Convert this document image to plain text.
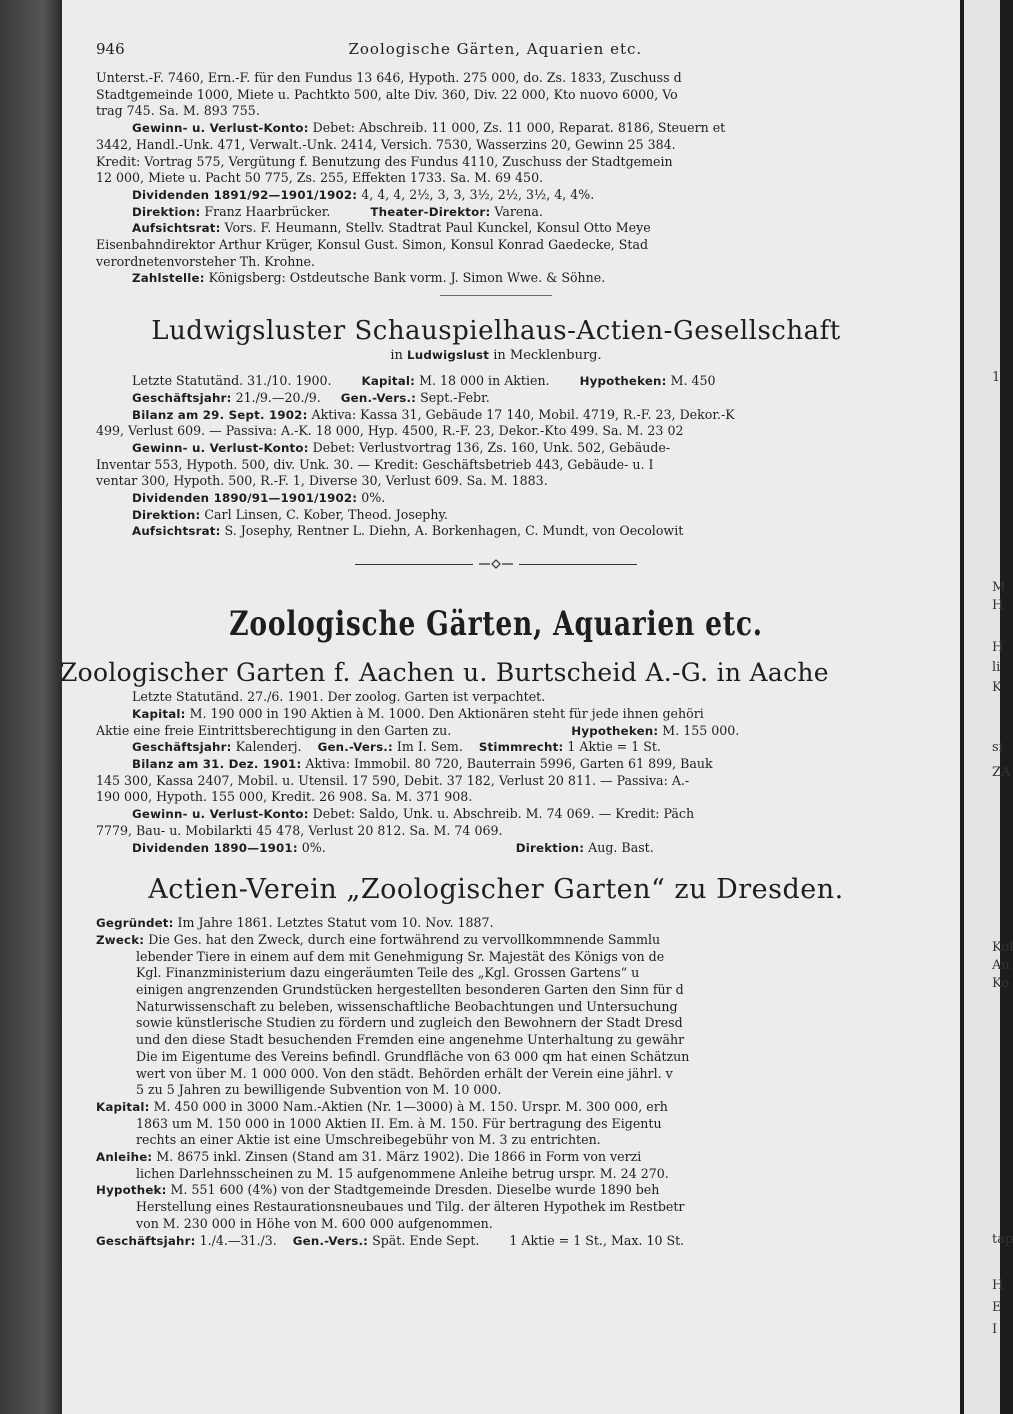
1
M
H
H
li
K
si
ZA
Kol
Au
Ko
tap
H
E
I
946	Zoologische Gärten, Aquarien etc.

Unterst.-F. 7460, Ern.-F. für den Fundus 13 646, Hypoth. 275 000, do. Zs. 1833, Zuschuss d

Stadtgemeinde 1000, Miete u. Pachtkto 500, alte Div. 360, Div. 22 000, Kto nuovo 6000, Vo

trag 745. Sa. M. 893 755.

Gewinn- u. Verlust-Konto: Debet: Abschreib. 11 000, Zs. 11 000, Reparat. 8186, Steuern et

3442, Handl.-Unk. 471, Verwalt.-Unk. 2414, Versich. 7530, Wasserzins 20, Gewinn 25 384.

Kredit: Vortrag 575, Vergütung f. Benutzung des Fundus 4110, Zuschuss der Stadtgemein

12 000, Miete u. Pacht 50 775, Zs. 255, Effekten 1733. Sa. M. 69 450.

Dividenden 1891/92—1901/1902: 4, 4, 4, 2½, 3, 3, 3½, 2½, 3½, 4, 4%.

Direktion: Franz Haarbrücker.	Theater-Direktor: Varena.

Aufsichtsrat: Vors. F. Heumann, Stellv. Stadtrat Paul Kunckel, Konsul Otto Meye

Eisenbahndirektor Arthur Krüger, Konsul Gust. Simon, Konsul Konrad Gaedecke, Stad

verordnetenvorsteher Th. Krohne.

Zahlstelle: Königsberg: Ostdeutsche Bank vorm. J. Simon Wwe. & Söhne.

Ludwigsluster Schauspielhaus-Actien-Gesellschaft
in Ludwigslust in Mecklenburg.

Letzte Statutänd. 31./10. 1900.	Kapital: M. 18 000 in Aktien.	Hypotheken: M. 450

Geschäftsjahr: 21./9.—20./9. Gen.-Vers.: Sept.-Febr.

Bilanz am 29. Sept. 1902: Aktiva: Kassa 31, Gebäude 17 140, Mobil. 4719, R.-F. 23, Dekor.-K

499, Verlust 609. — Passiva: A.-K. 18 000, Hyp. 4500, R.-F. 23, Dekor.-Kto 499. Sa. M. 23 02

Gewinn- u. Verlust-Konto: Debet: Verlustvortrag 136, Zs. 160, Unk. 502, Gebäude-

Inventar 553, Hypoth. 500, div. Unk. 30. — Kredit: Geschäftsbetrieb 443, Gebäude- u. I

ventar 300, Hypoth. 500, R.-F. 1, Diverse 30, Verlust 609. Sa. M. 1883.

Dividenden 1890/91—1901/1902: 0%.

Direktion: Carl Linsen, C. Kober, Theod. Josephy.

Aufsichtsrat: S. Josephy, Rentner L. Diehn, A. Borkenhagen, C. Mundt, von Oecolowit

Zoologische Gärten, Aquarien etc.
Zoologischer Garten f. Aachen u. Burtscheid A.-G. in Aache

Letzte Statutänd. 27./6. 1901. Der zoolog. Garten ist verpachtet.

Kapital: M. 190 000 in 190 Aktien à M. 1000. Den Aktionären steht für jede ihnen gehöri

Aktie eine freie Eintrittsberechtigung in den Garten zu.	Hypotheken: M. 155 000.

Geschäftsjahr: Kalenderj. Gen.-Vers.: Im I. Sem. Stimmrecht: 1 Aktie = 1 St.

Bilanz am 31. Dez. 1901: Aktiva: Immobil. 80 720, Bauterrain 5996, Garten 61 899, Bauk

145 300, Kassa 2407, Mobil. u. Utensil. 17 590, Debit. 37 182, Verlust 20 811. — Passiva: A.-

190 000, Hypoth. 155 000, Kredit. 26 908. Sa. M. 371 908.

Gewinn- u. Verlust-Konto: Debet: Saldo, Unk. u. Abschreib. M. 74 069. — Kredit: Päch

7779, Bau- u. Mobilarkti 45 478, Verlust 20 812. Sa. M. 74 069.

Dividenden 1890—1901: 0%.	Direktion: Aug. Bast.

Actien-Verein „Zoologischer Garten“ zu Dresden.

Gegründet: Im Jahre 1861. Letztes Statut vom 10. Nov. 1887.

Zweck: Die Ges. hat den Zweck, durch eine fortwährend zu vervollkommnende Sammlu

lebender Tiere in einem auf dem mit Genehmigung Sr. Majestät des Königs von de

Kgl. Finanzministerium dazu eingeräumten Teile des „Kgl. Grossen Gartens“ u

einigen angrenzenden Grundstücken hergestellten besonderen Garten den Sinn für d

Naturwissenschaft zu beleben, wissenschaftliche Beobachtungen und Untersuchung

sowie künstlerische Studien zu fördern und zugleich den Bewohnern der Stadt Dresd

und den diese Stadt besuchenden Fremden eine angenehme Unterhaltung zu gewähr

Die im Eigentume des Vereins befindl. Grundfläche von 63 000 qm hat einen Schätzun

wert von über M. 1 000 000. Von den städt. Behörden erhält der Verein eine jährl. v

5 zu 5 Jahren zu bewilligende Subvention von M. 10 000.

Kapital: M. 450 000 in 3000 Nam.-Aktien (Nr. 1—3000) à M. 150. Urspr. M. 300 000, erh

1863 um M. 150 000 in 1000 Aktien II. Em. à M. 150. Für bertragung des Eigentu

rechts an einer Aktie ist eine Umschreibegebühr von M. 3 zu entrichten.

Anleihe: M. 8675 inkl. Zinsen (Stand am 31. März 1902). Die 1866 in Form von verzi

lichen Darlehnsscheinen zu M. 15 aufgenommene Anleihe betrug urspr. M. 24 270.

Hypothek: M. 551 600 (4%) von der Stadtgemeinde Dresden. Dieselbe wurde 1890 beh

Herstellung eines Restaurationsneubaues und Tilg. der älteren Hypothek im Restbetr

von M. 230 000 in Höhe von M. 600 000 aufgenommen.

Geschäftsjahr: 1./4.—31./3. Gen.-Vers.: Spät. Ende Sept. 1 Aktie = 1 St., Max. 10 St.
